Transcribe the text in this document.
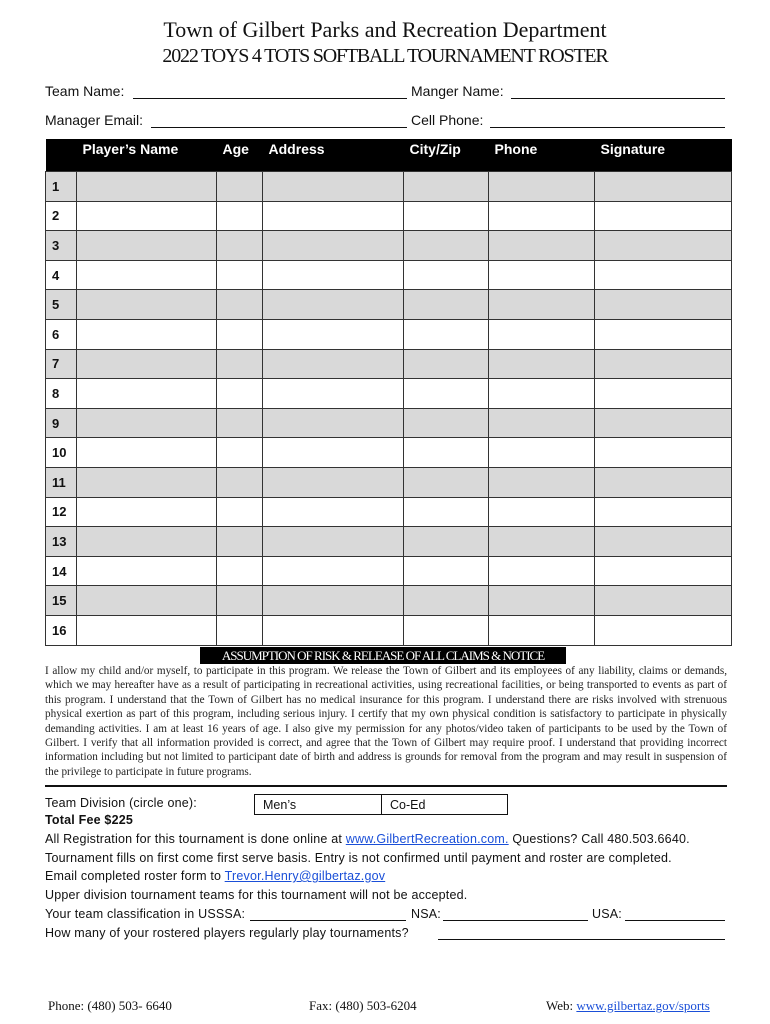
Town of Gilbert Parks and Recreation Department
2022 TOYS 4 TOTS SOFTBALL TOURNAMENT ROSTER
Team Name:	Manger Name:
Manager Email:	Cell Phone:
	Player’s Name	Age	Address	City/Zip	Phone	Signature
1						
2						
3						
4						
5						
6						
7						
8						
9						
10						
11						
12						
13						
14						
15						
16						
ASSUMPTION OF RISK & RELEASE OF ALL CLAIMS & NOTICE
I allow my child and/or myself, to participate in this program. We release the Town of Gilbert and its employees of any liability, claims or demands, which we may hereafter have as a result of participating in recreational activities, using recreational facilities, or being transported to events as part of this program. I understand that the Town of Gilbert has no medical insurance for this program. I understand there are risks involved with strenuous physical exertion as part of this program, including serious injury. I certify that my own physical condition is satisfactory to participate in physically demanding activities. I am at least 16 years of age. I also give my permission for any photos/video taken of participants to be used by the Town of Gilbert. I verify that all information provided is correct, and agree that the Town of Gilbert may require proof. I understand that providing incorrect information including but not limited to participant date of birth and address is grounds for removal from the program and may result in suspension of the privilege to participate in future programs.
Team Division (circle one):	Men’s	Co-Ed
Total Fee $225
All Registration for this tournament is done online at www.GilbertRecreation.com. Questions? Call 480.503.6640.
Tournament fills on first come first serve basis. Entry is not confirmed until payment and roster are completed.
Email completed roster form to Trevor.Henry@gilbertaz.gov
Upper division tournament teams for this tournament will not be accepted.
Your team classification in USSSA:	NSA:	USA:
How many of your rostered players regularly play tournaments?
Phone: (480) 503- 6640	Fax: (480) 503-6204	Web: www.gilbertaz.gov/sports
